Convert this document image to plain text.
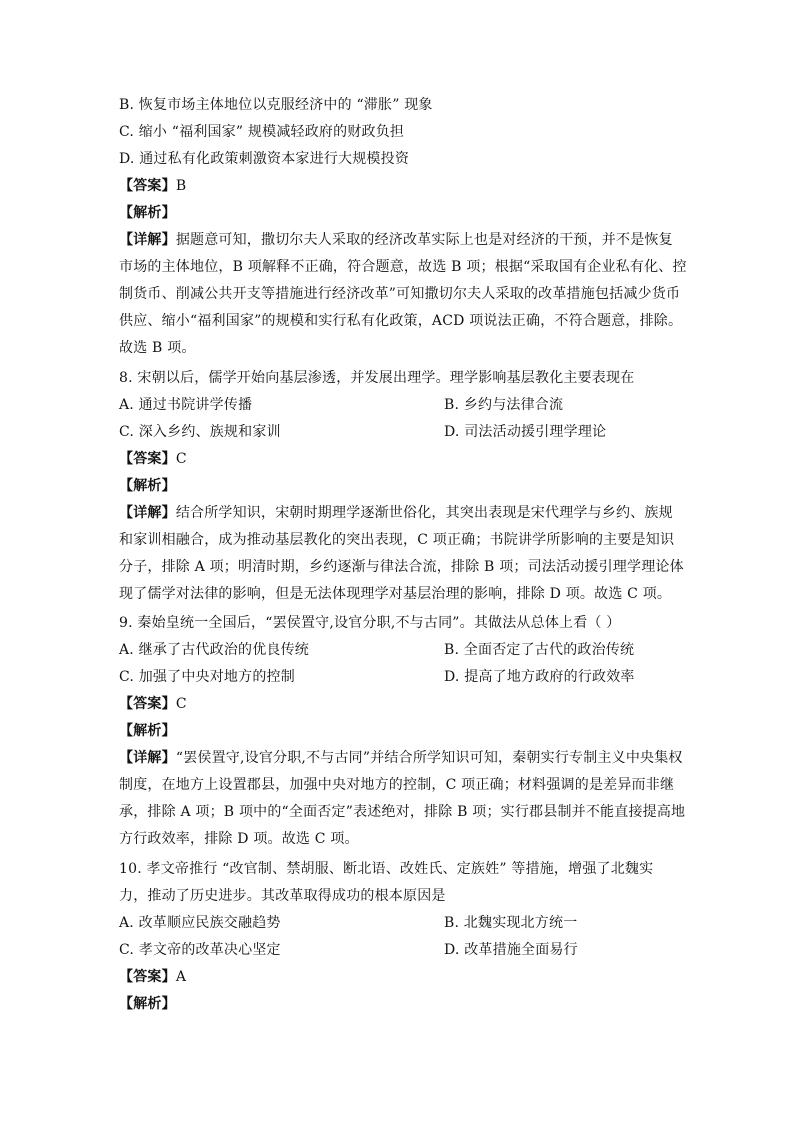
B. 恢复市场主体地位以克服经济中的 “滞胀” 现象
C. 缩小 “福利国家” 规模减轻政府的财政负担
D. 通过私有化政策刺激资本家进行大规模投资
【答案】B
【解析】
【详解】据题意可知，撒切尔夫人采取的经济改革实际上也是对经济的干预，并不是恢复
市场的主体地位，B 项解释不正确，符合题意，故选 B 项；根据“采取国有企业私有化、控
制货币、削减公共开支等措施进行经济改革”可知撒切尔夫人采取的改革措施包括减少货币
供应、缩小“福利国家”的规模和实行私有化政策，ACD 项说法正确，不符合题意，排除。
故选 B 项。
8. 宋朝以后，儒学开始向基层渗透，并发展出理学。理学影响基层教化主要表现在
A. 通过书院讲学传播	B. 乡约与法律合流
C. 深入乡约、族规和家训	D. 司法活动援引理学理论
【答案】C
【解析】
【详解】结合所学知识，宋朝时期理学逐渐世俗化，其突出表现是宋代理学与乡约、族规
和家训相融合，成为推动基层教化的突出表现，C 项正确；书院讲学所影响的主要是知识
分子，排除 A 项；明清时期，乡约逐渐与律法合流，排除 B 项；司法活动援引理学理论体
现了儒学对法律的影响，但是无法体现理学对基层治理的影响，排除 D 项。故选 C 项。
9. 秦始皇统一全国后，“罢侯置守,设官分职,不与古同”。其做法从总体上看（ ）
A. 继承了古代政治的优良传统	B. 全面否定了古代的政治传统
C. 加强了中央对地方的控制	D. 提高了地方政府的行政效率
【答案】C
【解析】
【详解】“罢侯置守,设官分职,不与古同”并结合所学知识可知，秦朝实行专制主义中央集权
制度，在地方上设置郡县，加强中央对地方的控制，C 项正确；材料强调的是差异而非继
承，排除 A 项；B 项中的“全面否定”表述绝对，排除 B 项；实行郡县制并不能直接提高地
方行政效率，排除 D 项。故选 C 项。
10. 孝文帝推行 “改官制、禁胡服、断北语、改姓氏、定族姓” 等措施，增强了北魏实
力，推动了历史进步。其改革取得成功的根本原因是
A. 改革顺应民族交融趋势	B. 北魏实现北方统一
C. 孝文帝的改革决心坚定	D. 改革措施全面易行
【答案】A
【解析】
